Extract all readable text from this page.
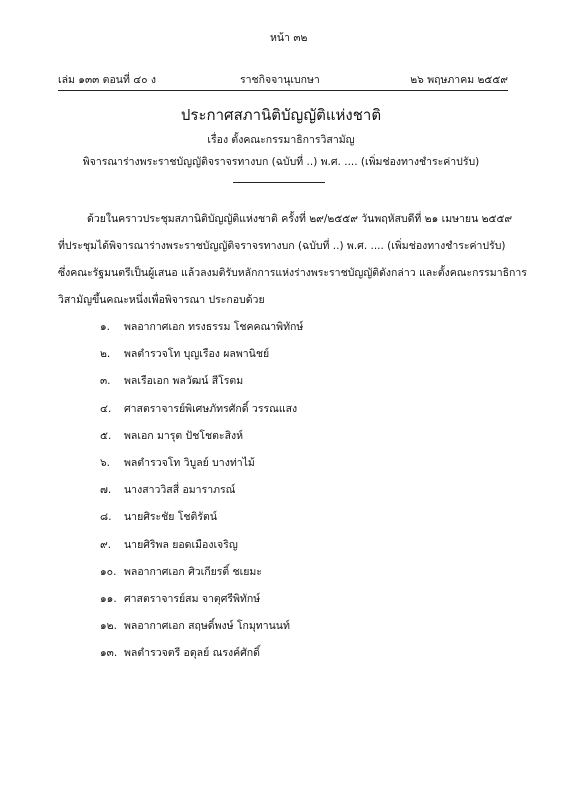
หน้า ๓๒
เล่ม ๑๓๓ ตอนที่ ๔๐ ง	ราชกิจจานุเบกษา	๒๖ พฤษภาคม ๒๕๕๙
ประกาศสภานิติบัญญัติแห่งชาติ
เรื่อง ตั้งคณะกรรมาธิการวิสามัญ
พิจารณาร่างพระราชบัญญัติจราจรทางบก (ฉบับที่ ..) พ.ศ. .... (เพิ่มช่องทางชำระค่าปรับ)
ด้วยในคราวประชุมสภานิติบัญญัติแห่งชาติ ครั้งที่ ๒๙/๒๕๕๙ วันพฤหัสบดีที่ ๒๑ เมษายน ๒๕๕๙
ที่ประชุมได้พิจารณาร่างพระราชบัญญัติจราจรทางบก (ฉบับที่ ..) พ.ศ. .... (เพิ่มช่องทางชำระค่าปรับ)
ซึ่งคณะรัฐมนตรีเป็นผู้เสนอ แล้วลงมติรับหลักการแห่งร่างพระราชบัญญัติดังกล่าว และตั้งคณะกรรมาธิการ
วิสามัญขึ้นคณะหนึ่งเพื่อพิจารณา ประกอบด้วย
๑. พลอากาศเอก ทรงธรรม โชคคณาพิทักษ์
๒. พลตำรวจโท บุญเรือง ผลพานิชย์
๓. พลเรือเอก พลวัฒน์ สีโรตม
๔. ศาสตราจารย์พิเศษภัทรศักดิ์ วรรณแสง
๕. พลเอก มารุต ปัชโชตะสิงห์
๖. พลตำรวจโท วิบูลย์ บางท่าไม้
๗. นางสาววิสสี่ อมาราภรณ์
๘. นายศิระชัย โชติรัตน์
๙. นายศิริพล ยอดเมืองเจริญ
๑๐. พลอากาศเอก ศิวเกียรติ์ ชเยมะ
๑๑. ศาสตราจารย์สม จาตุศรีพิทักษ์
๑๒. พลอากาศเอก สฤษดิ์พงษ์ โกมุทานนท์
๑๓. พลตำรวจตรี อดุลย์ ณรงค์ศักดิ์
